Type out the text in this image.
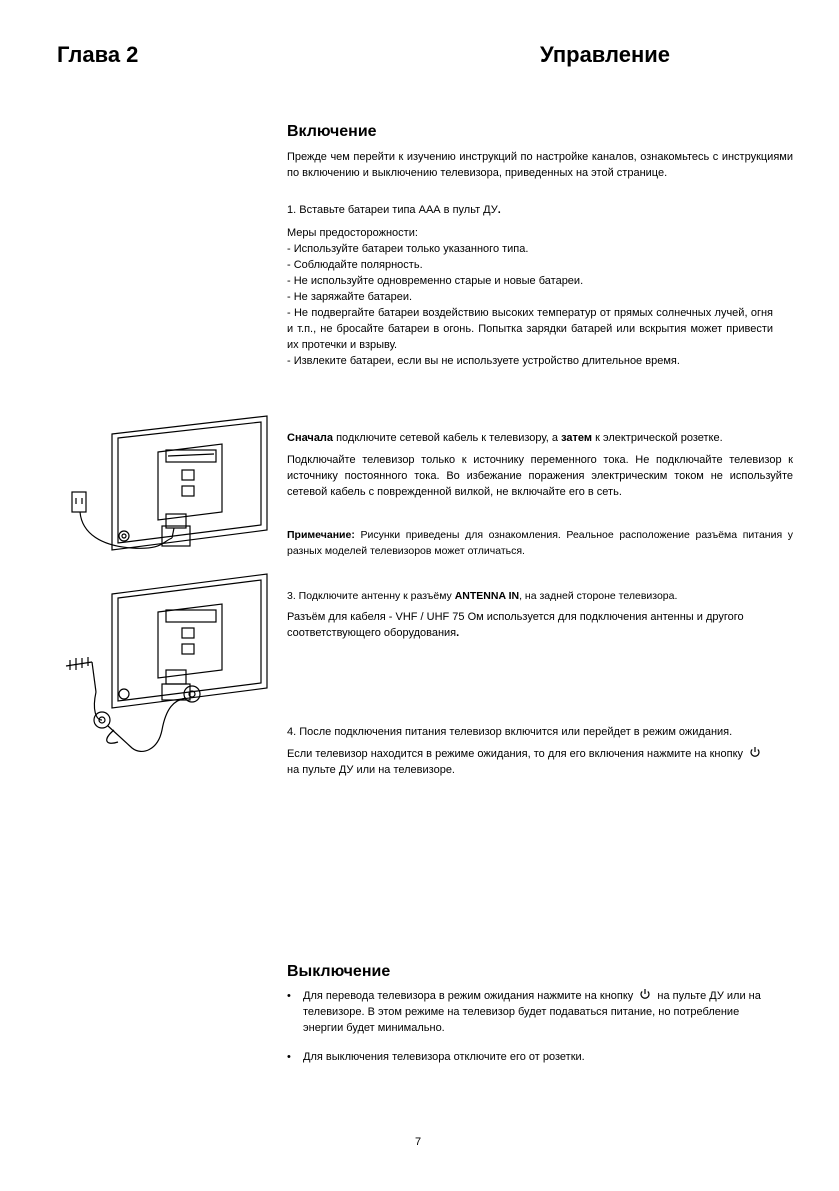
Глава 2	Управление
Включение
Прежде чем перейти к изучению инструкций по настройке каналов, ознакомьтесь с инструкциями по включению и выключению телевизора, приведенных на этой странице.
1. Вставьте батареи типа ААА в пульт ДУ.
Меры предосторожности:
- Используйте батареи только указанного типа.
- Соблюдайте полярность.
- Не используйте одновременно старые и новые батареи.
- Не заряжайте батареи.
- Не подвергайте батареи воздействию высоких температур от прямых солнечных лучей, огня и т.п., не бросайте батареи в огонь. Попытка зарядки батарей или вскрытия может привести их протечки и взрыву.
- Извлеките батареи, если вы не используете устройство длительное время.
Сначала подключите сетевой кабель к телевизору, а затем к электрической розетке.
Подключайте телевизор только к источнику переменного тока. Не подключайте телевизор к источнику постоянного тока. Во избежание поражения электрическим током не используйте сетевой кабель с поврежденной вилкой, не включайте его в сеть.
Примечание: Рисунки приведены для ознакомления. Реальное расположение разъёма питания у разных моделей телевизоров может отличаться.
3. Подключите антенну к разъёму ANTENNA IN, на задней стороне телевизора.
Разъём для кабеля - VHF / UHF 75 Ом используется для подключения антенны и другого соответствующего оборудования.
4. После подключения питания телевизор включится или перейдет в режим ожидания.
Если телевизор находится в режиме ожидания, то для его включения нажмите на кнопку  на пульте ДУ или на телевизоре.
Выключение
•	Для перевода телевизора в режим ожидания нажмите на кнопку на пульте ДУ или на телевизоре. В этом режиме на телевизор будет подаваться питание, но потребление энергии будет минимально.
•	Для выключения телевизора отключите его от розетки.
7
